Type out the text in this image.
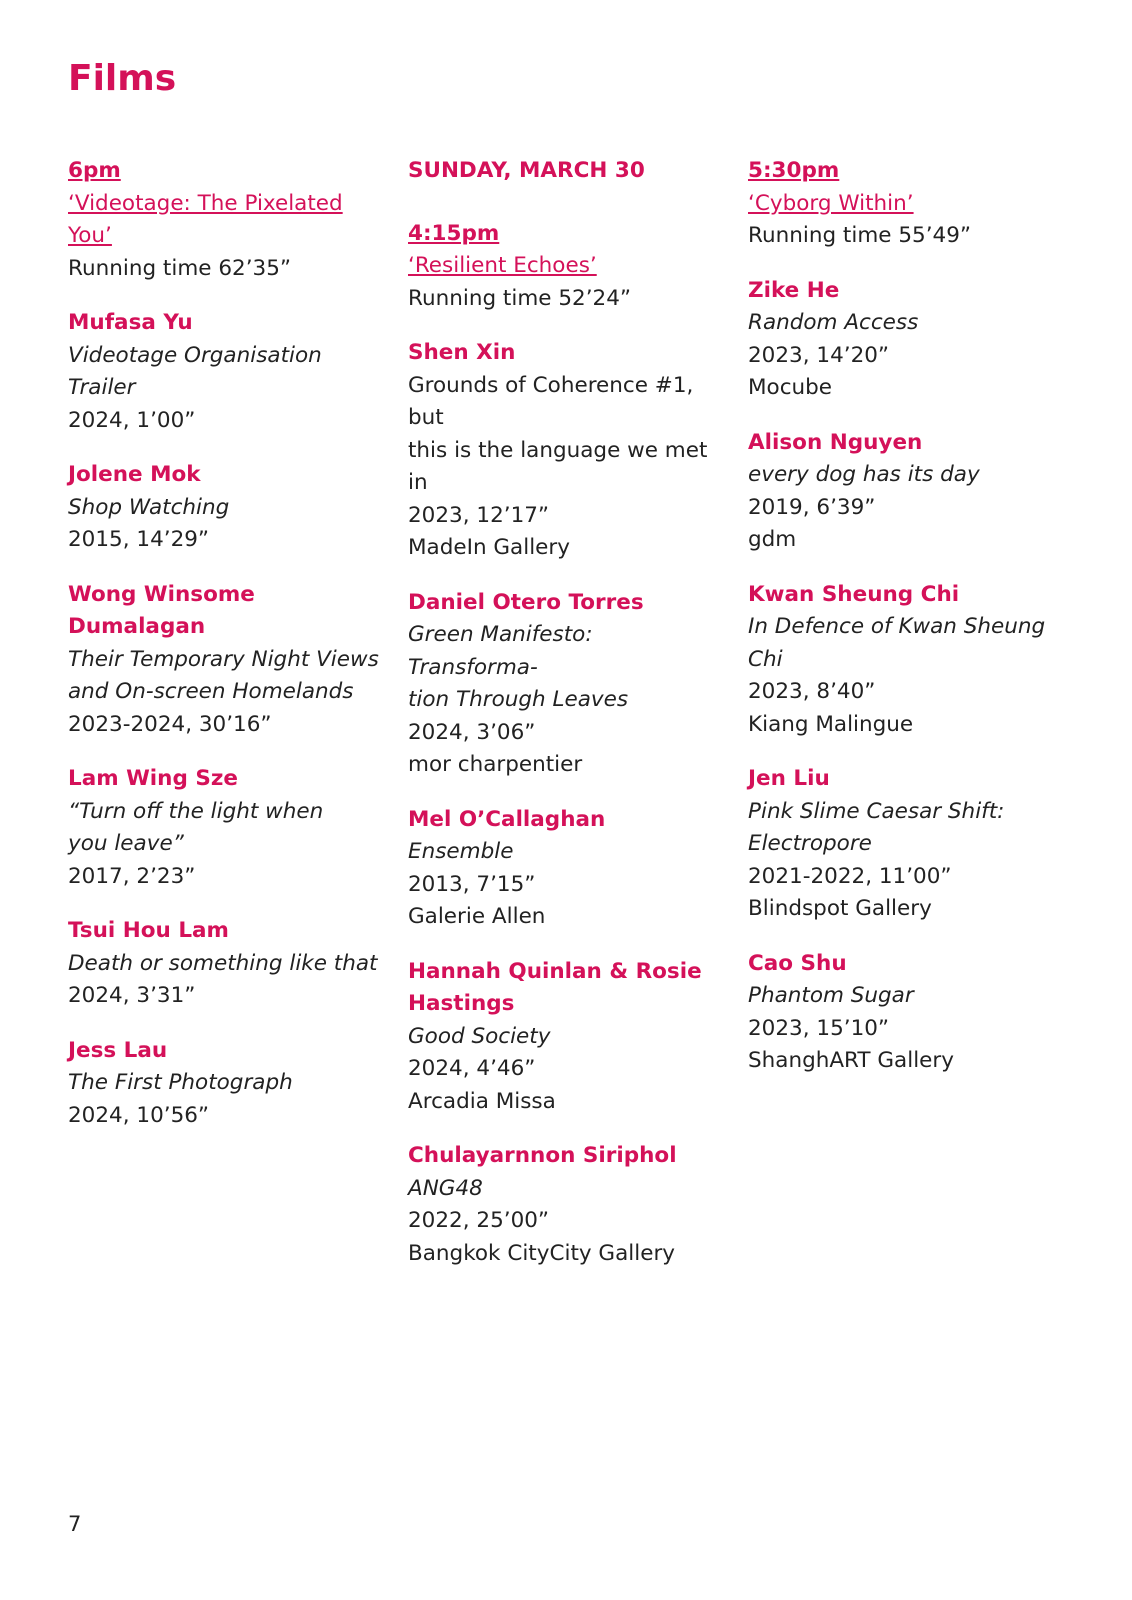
Films
6pm
‘Videotage: The Pixelated You’
Running time 62’35”
Mufasa Yu
Videotage Organisation Trailer
2024, 1’00”
Jolene Mok
Shop Watching
2015, 14’29”
Wong Winsome Dumalagan
Their Temporary Night Views
and On-screen Homelands
2023-2024, 30’16”
Lam Wing Sze
“Turn off the light when
you leave”
2017, 2’23”
Tsui Hou Lam
Death or something like that
2024, 3’31”
Jess Lau
The First Photograph
2024, 10’56”
SUNDAY, MARCH 30
4:15pm
‘Resilient Echoes’
Running time 52’24”
Shen Xin
Grounds of Coherence #1, but
this is the language we met in
2023, 12’17”
MadeIn Gallery
Daniel Otero Torres
Green Manifesto: Transforma-
tion Through Leaves
2024, 3’06”
mor charpentier
Mel O’Callaghan
Ensemble
2013, 7’15”
Galerie Allen
Hannah Quinlan & Rosie
Hastings
Good Society
2024, 4’46”
Arcadia Missa
Chulayarnnon Siriphol
ANG48
2022, 25’00”
Bangkok CityCity Gallery
5:30pm
‘Cyborg Within’
Running time 55’49”
Zike He
Random Access
2023, 14’20”
Mocube
Alison Nguyen
every dog has its day
2019, 6’39”
gdm
Kwan Sheung Chi
In Defence of Kwan Sheung Chi
2023, 8’40”
Kiang Malingue
Jen Liu
Pink Slime Caesar Shift:
Electropore
2021-2022, 11’00”
Blindspot Gallery
Cao Shu
Phantom Sugar
2023, 15’10”
ShanghART Gallery
7
